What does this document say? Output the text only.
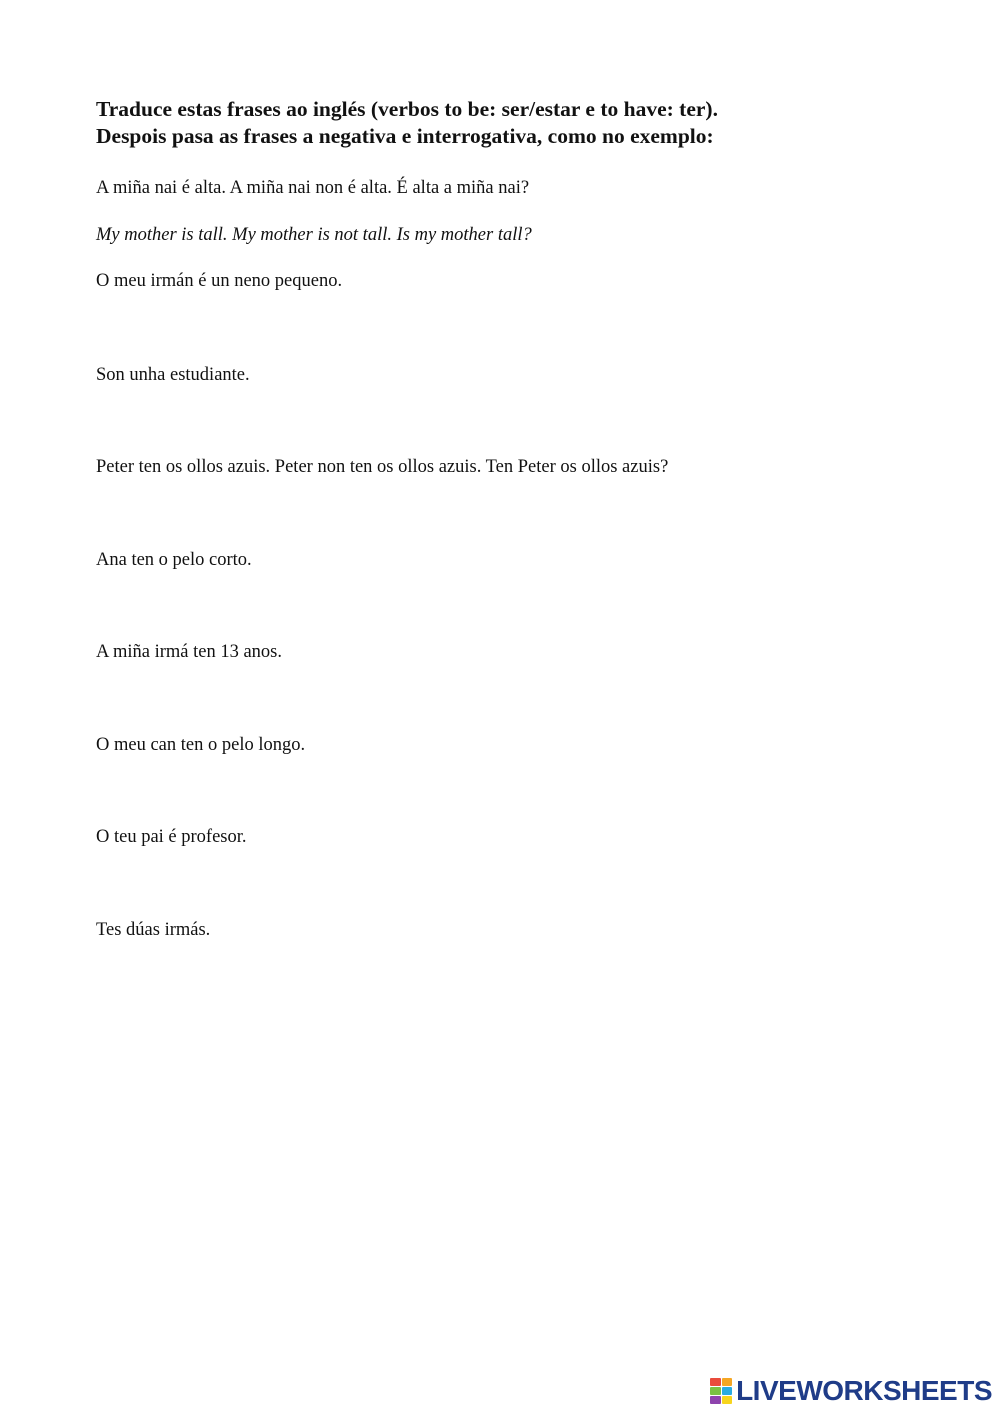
Traduce estas frases ao inglés (verbos to be: ser/estar e to have: ter).
Despois pasa as frases a negativa e interrogativa, como no exemplo:
A miña nai é alta. A miña nai non é alta. É alta a miña nai?
My mother is tall. My mother is not tall. Is my mother tall?
O meu irmán é un neno pequeno.
Son unha estudiante.
Peter ten os ollos azuis. Peter non ten os ollos azuis. Ten Peter os ollos azuis?
Ana ten o pelo corto.
A miña irmá ten 13 anos.
O meu can ten o pelo longo.
O teu pai é profesor.
Tes dúas irmás.
LIVEWORKSHEETS
